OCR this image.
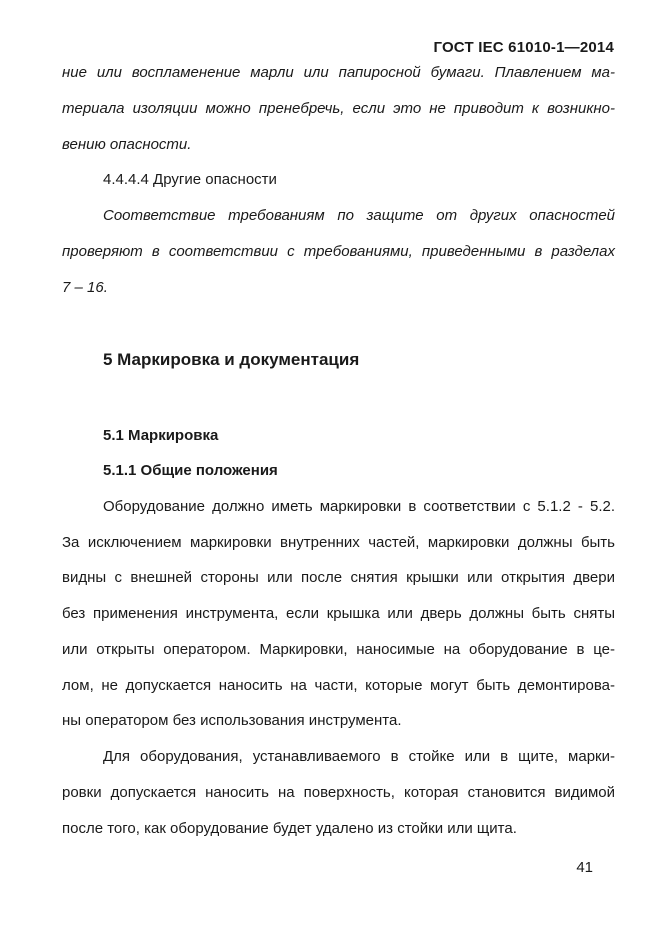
ГОСТ IEC 61010-1—2014
ние или воспламенение марли или папиросной бумаги. Плавлением ма-
териала изоляции можно пренебречь, если это не приводит к возникно-
вению опасности.
4.4.4.4 Другие опасности
Соответствие требованиям по защите от других опасностей
проверяют в соответствии с требованиями, приведенными в разделах
7 – 16.
5 Маркировка и документация
5.1 Маркировка
5.1.1 Общие положения
Оборудование должно иметь маркировки в соответствии с 5.1.2 - 5.2.
За исключением маркировки внутренних частей, маркировки должны быть
видны с внешней стороны или после снятия крышки или открытия двери
без применения инструмента, если крышка или дверь должны быть сняты
или открыты оператором. Маркировки, наносимые на оборудование в це-
лом, не допускается наносить на части, которые могут быть демонтирова-
ны оператором без использования инструмента.
Для оборудования, устанавливаемого в стойке или в щите, марки-
ровки допускается наносить на поверхность, которая становится видимой
после того, как оборудование будет удалено из стойки или щита.
41
